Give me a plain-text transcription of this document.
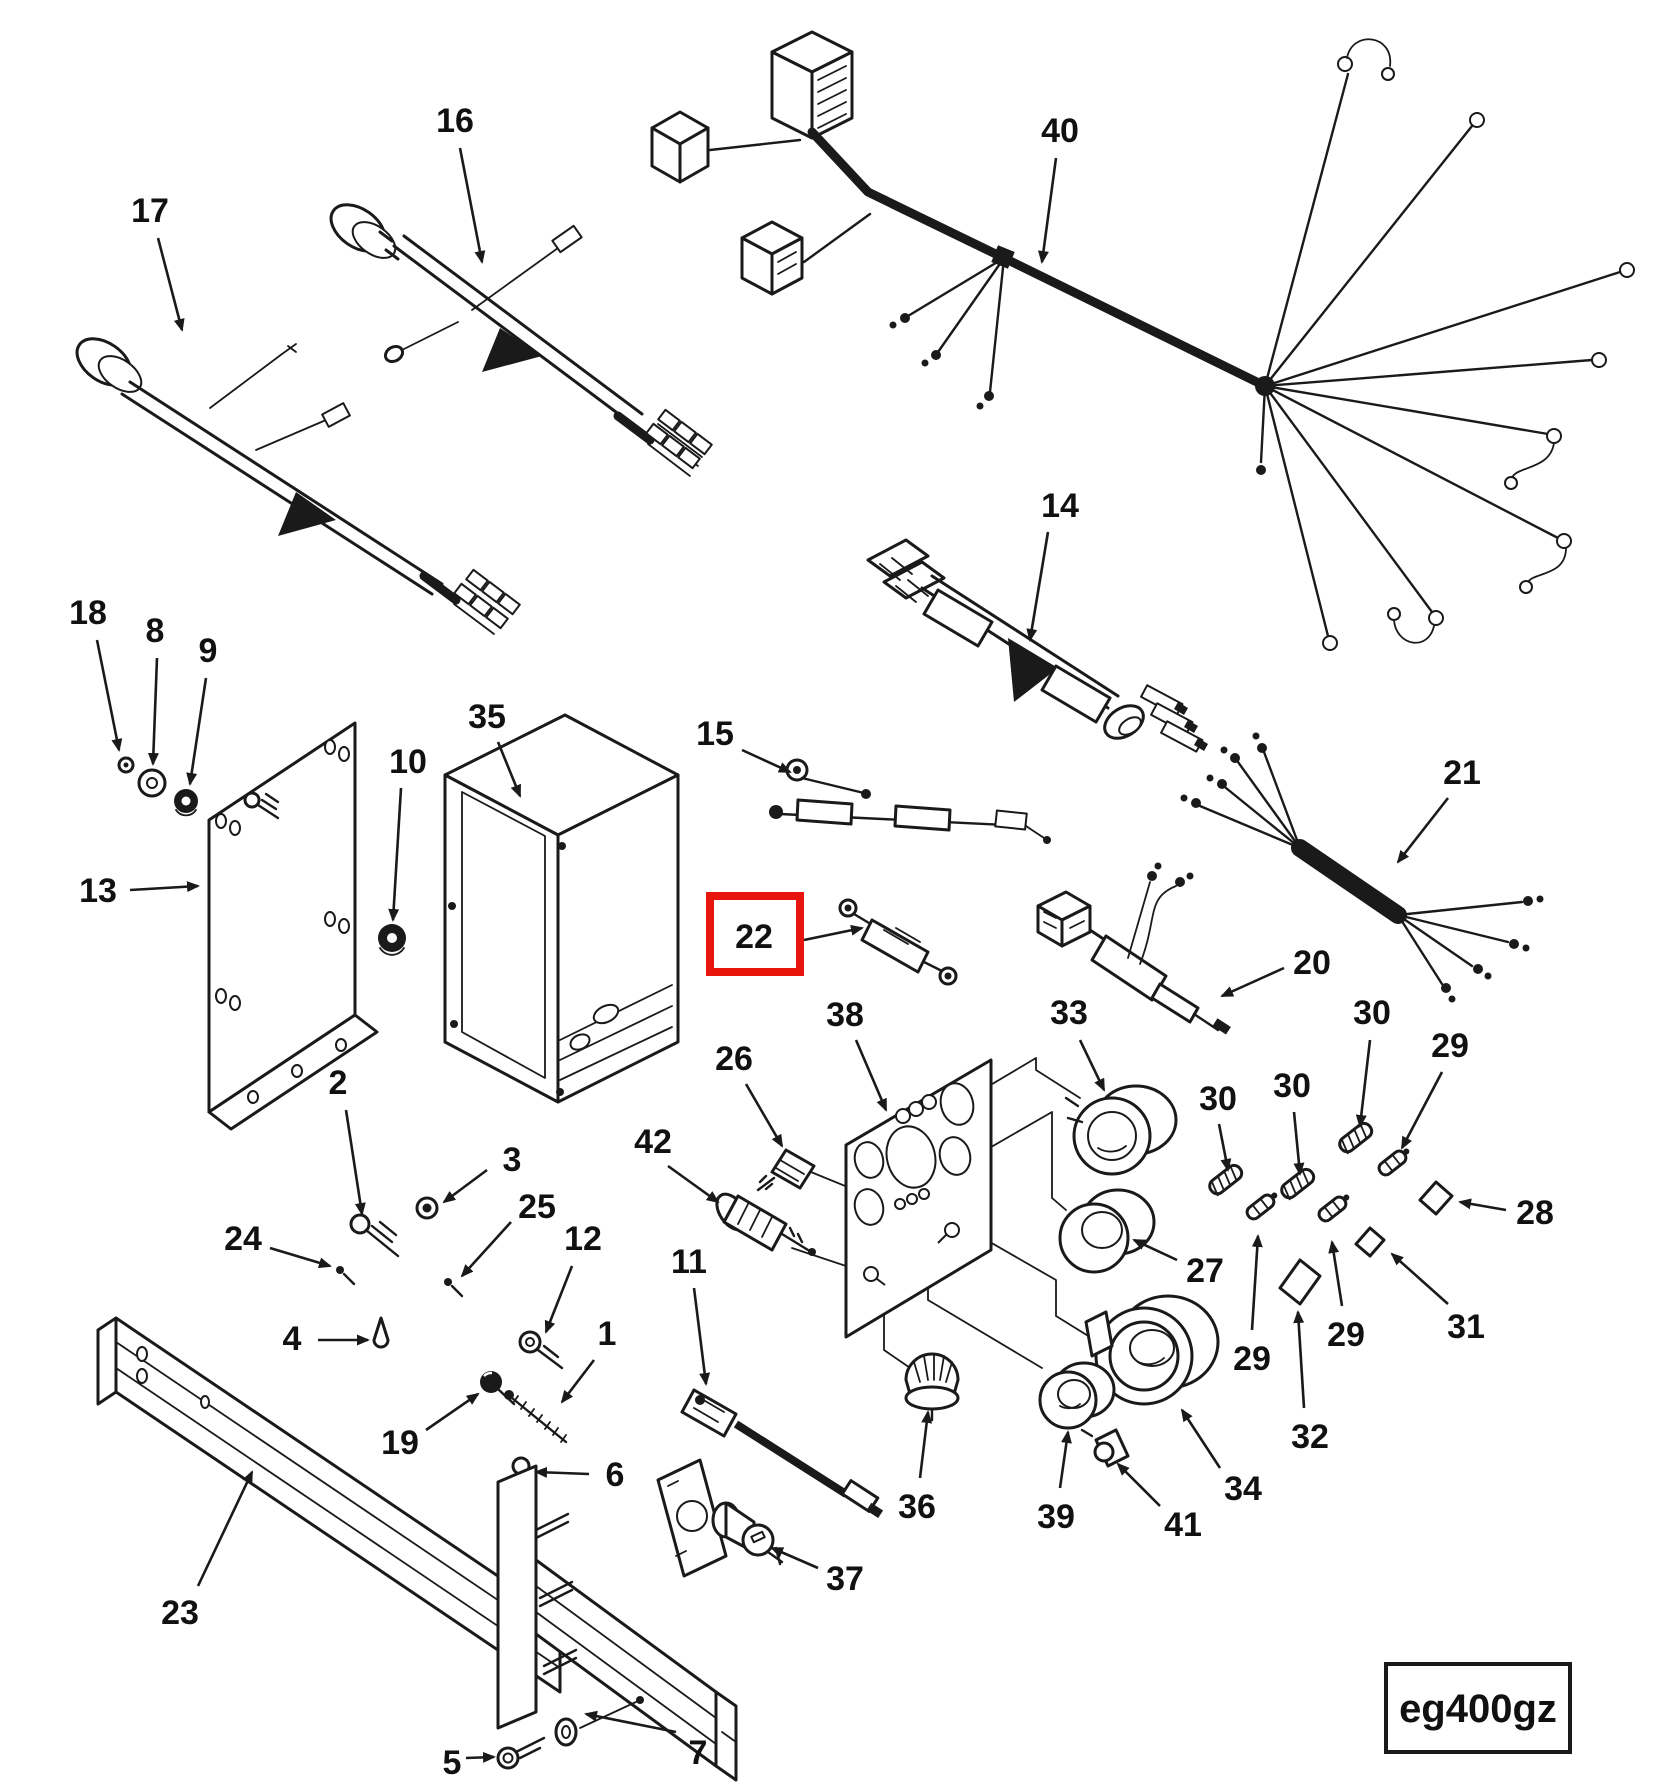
16
17
40
14
15
18 8
9
35
10
13
22
21
20
38	33
26
42
30 30
30
29
28
27
29
29 31
32
34
41
39
36
37
11
2
3
24
25
12
4	1
19
6
23
5	7
eg400gz
